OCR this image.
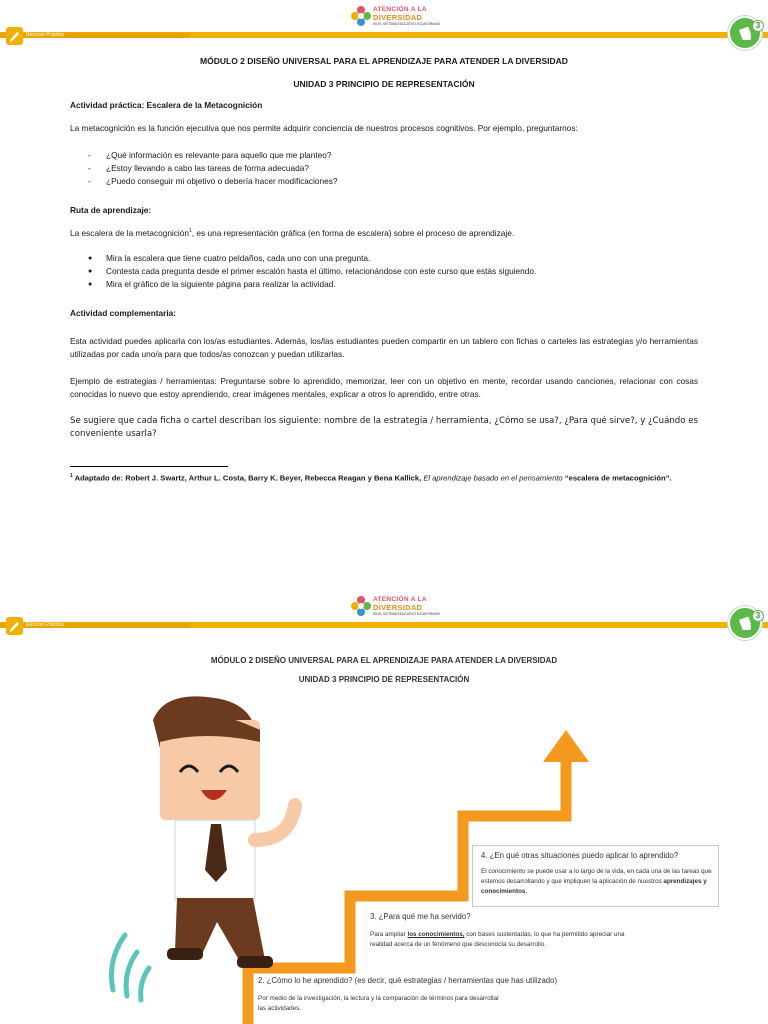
Recurso Práctico
ATENCIÓN A LA
DIVERSIDAD
EN EL SISTEMA EDUCATIVO ECUATORIANO	3
MÓDULO 2 DISEÑO UNIVERSAL PARA EL APRENDIZAJE PARA ATENDER LA DIVERSIDAD
UNIDAD 3 PRINCIPIO DE REPRESENTACIÓN
Actividad práctica: Escalera de la Metacognición
La metacognición es la función ejecutiva que nos permite adquirir conciencia de nuestros procesos cognitivos. Por ejemplo, preguntarnos:
- ¿Qué información es relevante para aquello que me planteo?
- ¿Estoy llevando a cabo las tareas de forma adecuada?
- ¿Puedo conseguir mi objetivo o debería hacer modificaciones?
Ruta de aprendizaje:
La escalera de la metacognición$^1$, es una representación gráfica (en forma de escalera) sobre el proceso de aprendizaje.
● Mira la escalera que tiene cuatro peldaños, cada uno con una pregunta.
● Contesta cada pregunta desde el primer escalón hasta el último, relacionándose con este curso que estás siguiendo.
● Mira el gráfico de la siguiente página para realizar la actividad.
Actividad complementaria:
Esta actividad puedes aplicarla con los/as estudiantes. Además, los/las estudiantes pueden compartir en un tablero con fichas o carteles las estrategias y/o herramientas utilizadas por cada uno/a para que todos/as conozcan y puedan utilizarlas.
Ejemplo de estrategias / herramientas: Preguntarse sobre lo aprendido, memorizar, leer con un objetivo en mente, recordar usando canciones, relacionar con cosas conocidas lo nuevo que estoy aprendiendo, crear imágenes mentales, explicar a otros lo aprendido, entre otras.
Se sugiere que cada ficha o cartel describan los siguiente: nombre de la estrategia / herramienta, ¿Cómo se usa?, ¿Para qué sirve?, y ¿Cuándo es conveniente usarla?
$^1$ Adaptado de: Robert J. Swartz, Arthur L. Costa, Barry K. Beyer, Rebecca Reagan y Bena Kallick, El aprendizaje basado en el pensamiento “escalera de metacognición”.
Recurso Práctico
ATENCIÓN A LA
DIVERSIDAD
EN EL SISTEMA EDUCATIVO ECUATORIANO	3
MÓDULO 2 DISEÑO UNIVERSAL PARA EL APRENDIZAJE PARA ATENDER LA DIVERSIDAD
UNIDAD 3 PRINCIPIO DE REPRESENTACIÓN
4. ¿En qué otras situaciones puedo aplicar lo aprendido?
El conocimiento se puede usar a lo largo de la vida, en cada una de las tareas que estemos desarrollando y que impliquen la aplicación de nuestros aprendizajes y conocimientos.
3. ¿Para qué me ha servido?
Para ampliar los conocimientos, con bases sustentadas, lo que ha permitido apreciar una realidad acerca de un fenómeno que desconocía su desarrollo.
2. ¿Cómo lo he aprendido? (es decir, qué estrategias / herramientas que has utilizado)
Por medio de la investigación, la lectura y la comparación de términos para desarrollar las actividades.
